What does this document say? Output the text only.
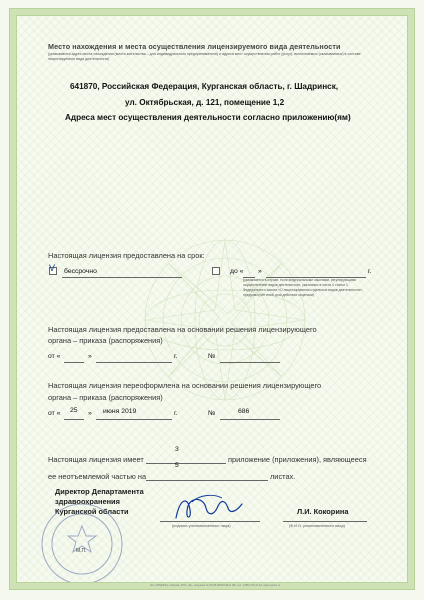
Место нахождения и места осуществления лицензируемого вида деятельности

(указываются адрес места нахождения (места жительства – для индивидуального предпринимателя) и адреса мест осуществления работ (услуг), выполняемых (оказываемых) в составе лицензируемого вида деятельности)

641870, Российская Федерация, Курганская область, г. Шадринск,

ул. Октябрьская, д. 121, помещение 1,2

Адреса мест осуществления деятельности согласно приложению(ям)

Настоящая лицензия предоставлена на срок:

V бессрочно	до « »	г.

(указывается в случае, если федеральными законами, регулирующими осуществление видов деятельности, указанных в части 4 статьи 1 Федерального закона «О лицензировании отдельных видов деятельности», предусмотрен иной срок действия лицензии)

Настоящая лицензия предоставлена на основании решения лицензирующего

органа – приказа (распоряжения)

от «	»	г.	№

Настоящая лицензия переоформлена на основании решения лицензирующего

органа – приказа (распоряжения)

от « 25 » июня 2019	г.	№	686
3
Настоящая лицензия имеет	приложение (приложения), являющееся
5
ее неотъемлемой частью на	листах.

Директор Департамента

здравоохранения

Курганской области

М.П.
(подпись уполномоченного лица)
Л.И. Кокорина
(Ф.И.О. уполномоченного лица)
АО «ОПЦИОН», Москва, 2017, «Б», лицензия № 05-05-09/003 ФНС РФ, тел.: (495) 726-47-42, www.opcion.ru
